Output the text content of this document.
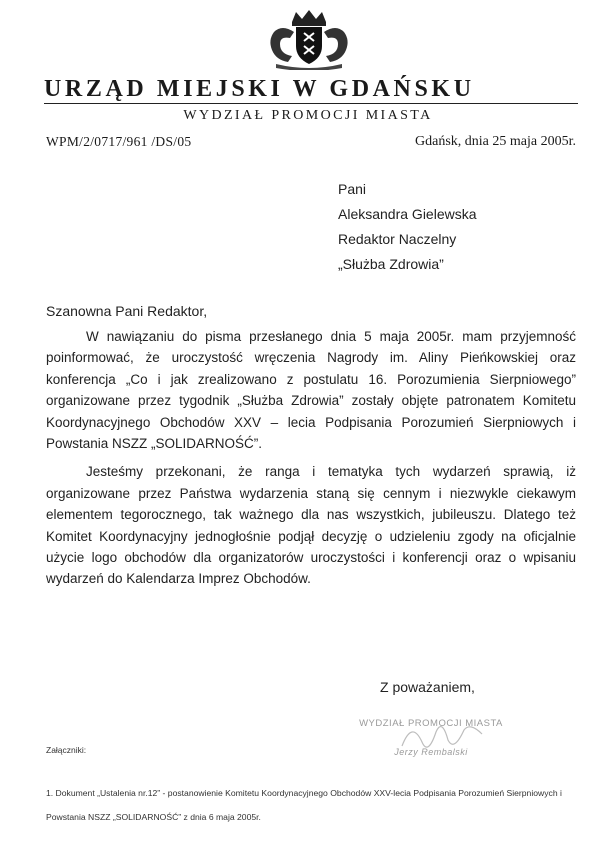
URZĄD MIEJSKI W GDAŃSKU
WYDZIAŁ PROMOCJI MIASTA
WPM/2/0717/961 /DS/05	Gdańsk, dnia 25 maja 2005r.
Pani
Aleksandra Gielewska
Redaktor Naczelny
„Służba Zdrowia”
Szanowna Pani Redaktor,

W nawiązaniu do pisma przesłanego dnia 5 maja 2005r. mam przyjemność poinformować, że uroczystość wręczenia Nagrody im. Aliny Pieńkowskiej oraz konferencja „Co i jak zrealizowano z postulatu 16. Porozumienia Sierpniowego” organizowane przez tygodnik „Służba Zdrowia” zostały objęte patronatem Komitetu Koordynacyjnego Obchodów XXV – lecia Podpisania Porozumień Sierpniowych i Powstania NSZZ „SOLIDARNOŚĆ”.

Jesteśmy przekonani, że ranga i tematyka tych wydarzeń sprawią, iż organizowane przez Państwa wydarzenia staną się cennym i niezwykle ciekawym elementem tegorocznego, tak ważnego dla nas wszystkich, jubileuszu. Dlatego też Komitet Koordynacyjny jednogłośnie podjął decyzję o udzieleniu zgody na oficjalnie użycie logo obchodów dla organizatorów uroczystości i konferencji oraz o wpisaniu wydarzeń do Kalendarza Imprez Obchodów.

Z poważaniem,
WYDZIAŁ PROMOCJI MIASTA
Jerzy Rembalski
Załączniki:
1. Dokument „Ustalenia nr.12” - postanowienie Komitetu Koordynacyjnego Obchodów XXV-lecia Podpisania Porozumień Sierpniowych i Powstania NSZZ „SOLIDARNOŚĆ” z dnia 6 maja 2005r.
